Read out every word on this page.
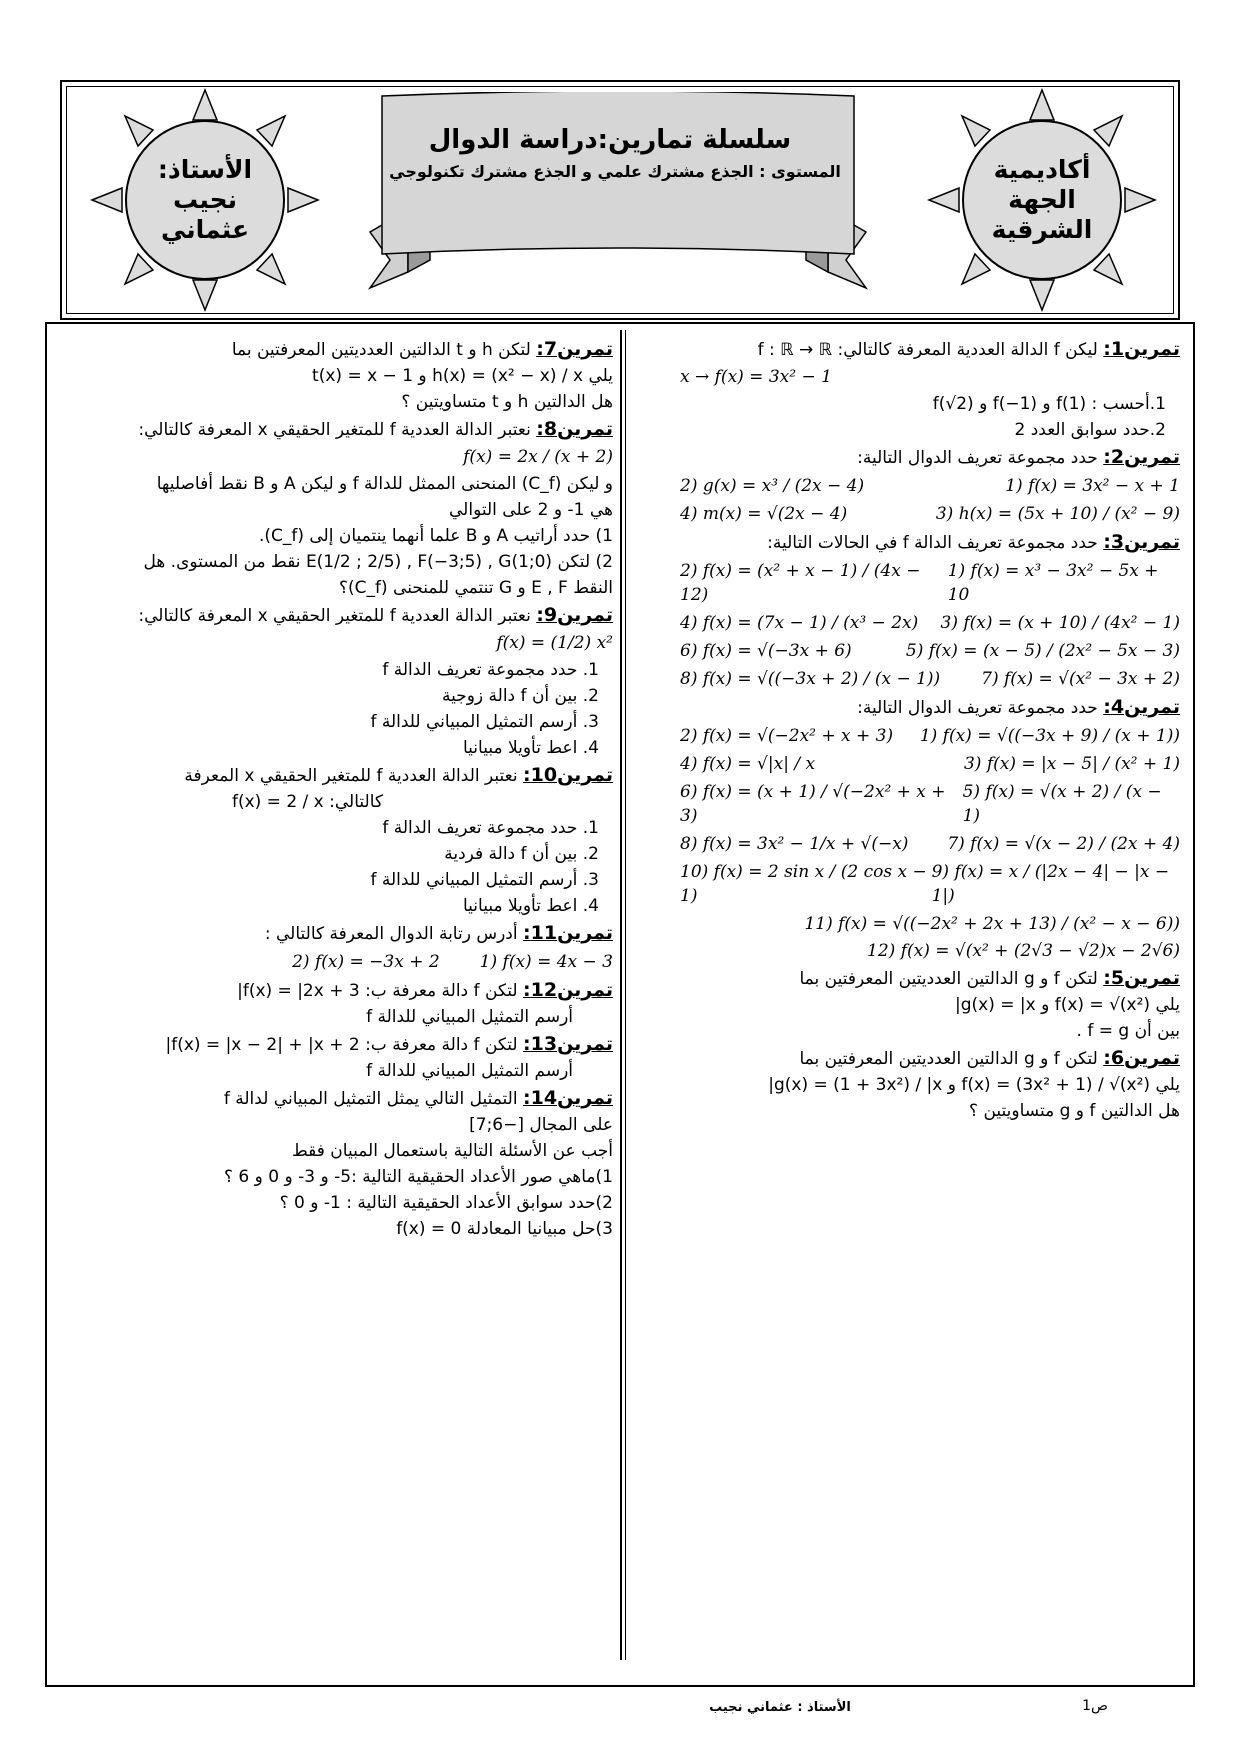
الأستاذ:
نجيب
عثماني
أكاديمية
الجهة
الشرقية
سلسلة تمارين:دراسة الدوال
المستوى : الجذع مشترك علمي و الجذع مشترك تكنولوجي
تمرين1: ليكن f الدالة العددية المعرفة كالتالي: f : ℝ → ℝ
x → f(x) = 3x² − 1
1.أحسب : f(1) و f(−1) و f(√2)
2.حدد سوابق العدد 2
تمرين2: حدد مجموعة تعريف الدوال التالية:
1) f(x) = 3x² − x + 1
2) g(x) = x³ / (2x − 4)
3) h(x) = (5x + 10) / (x² − 9)
4) m(x) = √(2x − 4)
تمرين3: حدد مجموعة تعريف الدالة f في الحالات التالية:
1) f(x) = x³ − 3x² − 5x + 10
2) f(x) = (x² + x − 1) / (4x − 12)
3) f(x) = (x + 10) / (4x² − 1)
4) f(x) = (7x − 1) / (x³ − 2x)
5) f(x) = (x − 5) / (2x² − 5x − 3)
6) f(x) = √(−3x + 6)
7) f(x) = √(x² − 3x + 2)
8) f(x) = √((−3x + 2) / (x − 1))
تمرين4: حدد مجموعة تعريف الدوال التالية:
1) f(x) = √((−3x + 9) / (x + 1))
2) f(x) = √(−2x² + x + 3)
3) f(x) = |x − 5| / (x² + 1)
4) f(x) = √|x| / x
5) f(x) = √(x + 2) / (x − 1)
6) f(x) = (x + 1) / √(−2x² + x + 3)
7) f(x) = √(x − 2) / (2x + 4)
8) f(x) = 3x² − 1/x + √(−x)
9) f(x) = x / (|2x − 4| − |x − 1|)
10) f(x) = 2 sin x / (2 cos x − 1)
11) f(x) = √((−2x² + 2x + 13) / (x² − x − 6))
12) f(x) = √(x² + (2√3 − √2)x − 2√6)
تمرين5: لتكن f و g الدالتين العدديتين المعرفتين بما
يلي f(x) = √(x²) و g(x) = |x|
بين أن f = g .
تمرين6: لتكن f و g الدالتين العدديتين المعرفتين بما
يلي f(x) = (3x² + 1) / √(x²) و g(x) = (1 + 3x²) / |x|
هل الدالتين f و g متساويتين ؟
تمرين7: لتكن h و t الدالتين العدديتين المعرفتين بما
يلي h(x) = (x² − x) / x و t(x) = x − 1
هل الدالتين h و t متساويتين ؟
تمرين8: نعتبر الدالة العددية f للمتغير الحقيقي x المعرفة كالتالي:
f(x) = 2x / (x + 2)
و ليكن (C_f) المنحنى الممثل للدالة f و ليكن A و B نقط أفاصليها
هي 1- و 2 على التوالي
1) حدد أراتيب A و B علما أنهما ينتميان إلى (C_f).
2) لتكن E(1/2 ; 2/5) , F(−3;5) , G(1;0) نقط من المستوى. هل
النقط E , F و G تنتمي للمنحنى (C_f)؟
تمرين9: نعتبر الدالة العددية f للمتغير الحقيقي x المعرفة كالتالي:
f(x) = (1/2) x²
1. حدد مجموعة تعريف الدالة f
2. بين أن f دالة زوجية
3. أرسم التمثيل المبياني للدالة f
4. اعط تأويلا مبيانيا
تمرين10: نعتبر الدالة العددية f للمتغير الحقيقي x المعرفة
كالتالي: f(x) = 2 / x
1. حدد مجموعة تعريف الدالة f
2. بين أن f دالة فردية
3. أرسم التمثيل المبياني للدالة f
4. اعط تأويلا مبيانيا
تمرين11: أدرس رتابة الدوال المعرفة كالتالي :
1) f(x) = 4x − 3
2) f(x) = −3x + 2
تمرين12: لتكن f دالة معرفة ب: f(x) = |2x + 3|
أرسم التمثيل المبياني للدالة f
تمرين13: لتكن f دالة معرفة ب: f(x) = |x − 2| + |x + 2|
أرسم التمثيل المبياني للدالة f
تمرين14: التمثيل التالي يمثل التمثيل المبياني لدالة f
على المجال [−6;7]
أجب عن الأسئلة التالية باستعمال المبيان فقط
1)ماهي صور الأعداد الحقيقية التالية :5- و 3- و 0 و 6 ؟
2)حدد سوابق الأعداد الحقيقية التالية : 1- و 0 ؟
3)حل مبيانيا المعادلة f(x) = 0
الأستاذ : عثماني نجيب	ص1
